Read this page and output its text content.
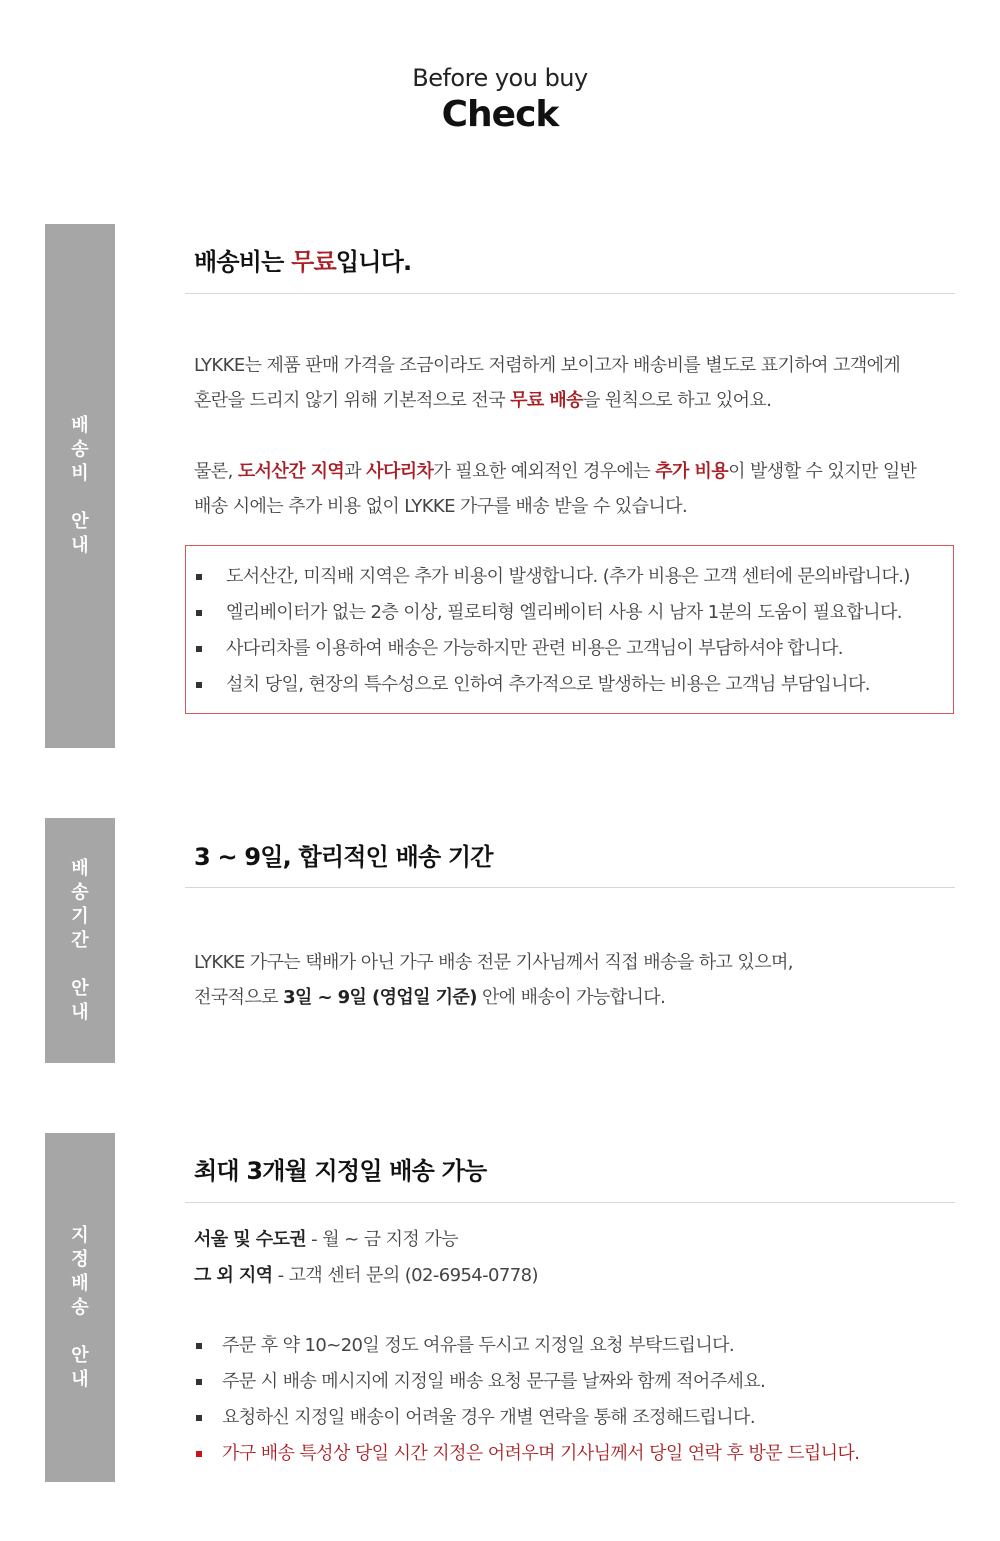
Before you buy
Check
배
송
비
안
내
배송비는 무료입니다.
LYKKE는 제품 판매 가격을 조금이라도 저렴하게 보이고자 배송비를 별도로 표기하여 고객에게
혼란을 드리지 않기 위해 기본적으로 전국 무료 배송을 원칙으로 하고 있어요.
물론, 도서산간 지역과 사다리차가 필요한 예외적인 경우에는 추가 비용이 발생할 수 있지만 일반
배송 시에는 추가 비용 없이 LYKKE 가구를 배송 받을 수 있습니다.
도서산간, 미직배 지역은 추가 비용이 발생합니다. (추가 비용은 고객 센터에 문의바랍니다.)
엘리베이터가 없는 2층 이상, 필로티형 엘리베이터 사용 시 남자 1분의 도움이 필요합니다.
사다리차를 이용하여 배송은 가능하지만 관련 비용은 고객님이 부담하셔야 합니다.
설치 당일, 현장의 특수성으로 인하여 추가적으로 발생하는 비용은 고객님 부담입니다.
배
송
기
간
안
내
3 ~ 9일, 합리적인 배송 기간
LYKKE 가구는 택배가 아닌 가구 배송 전문 기사님께서 직접 배송을 하고 있으며,
전국적으로 3일 ~ 9일 (영업일 기준) 안에 배송이 가능합니다.
지
정
배
송
안
내
최대 3개월 지정일 배송 가능
서울 및 수도권 - 월 ~ 금 지정 가능
그 외 지역 - 고객 센터 문의 (02-6954-0778)
주문 후 약 10~20일 정도 여유를 두시고 지정일 요청 부탁드립니다.
주문 시 배송 메시지에 지정일 배송 요청 문구를 날짜와 함께 적어주세요.
요청하신 지정일 배송이 어려울 경우 개별 연락을 통해 조정해드립니다.
가구 배송 특성상 당일 시간 지정은 어려우며 기사님께서 당일 연락 후 방문 드립니다.
